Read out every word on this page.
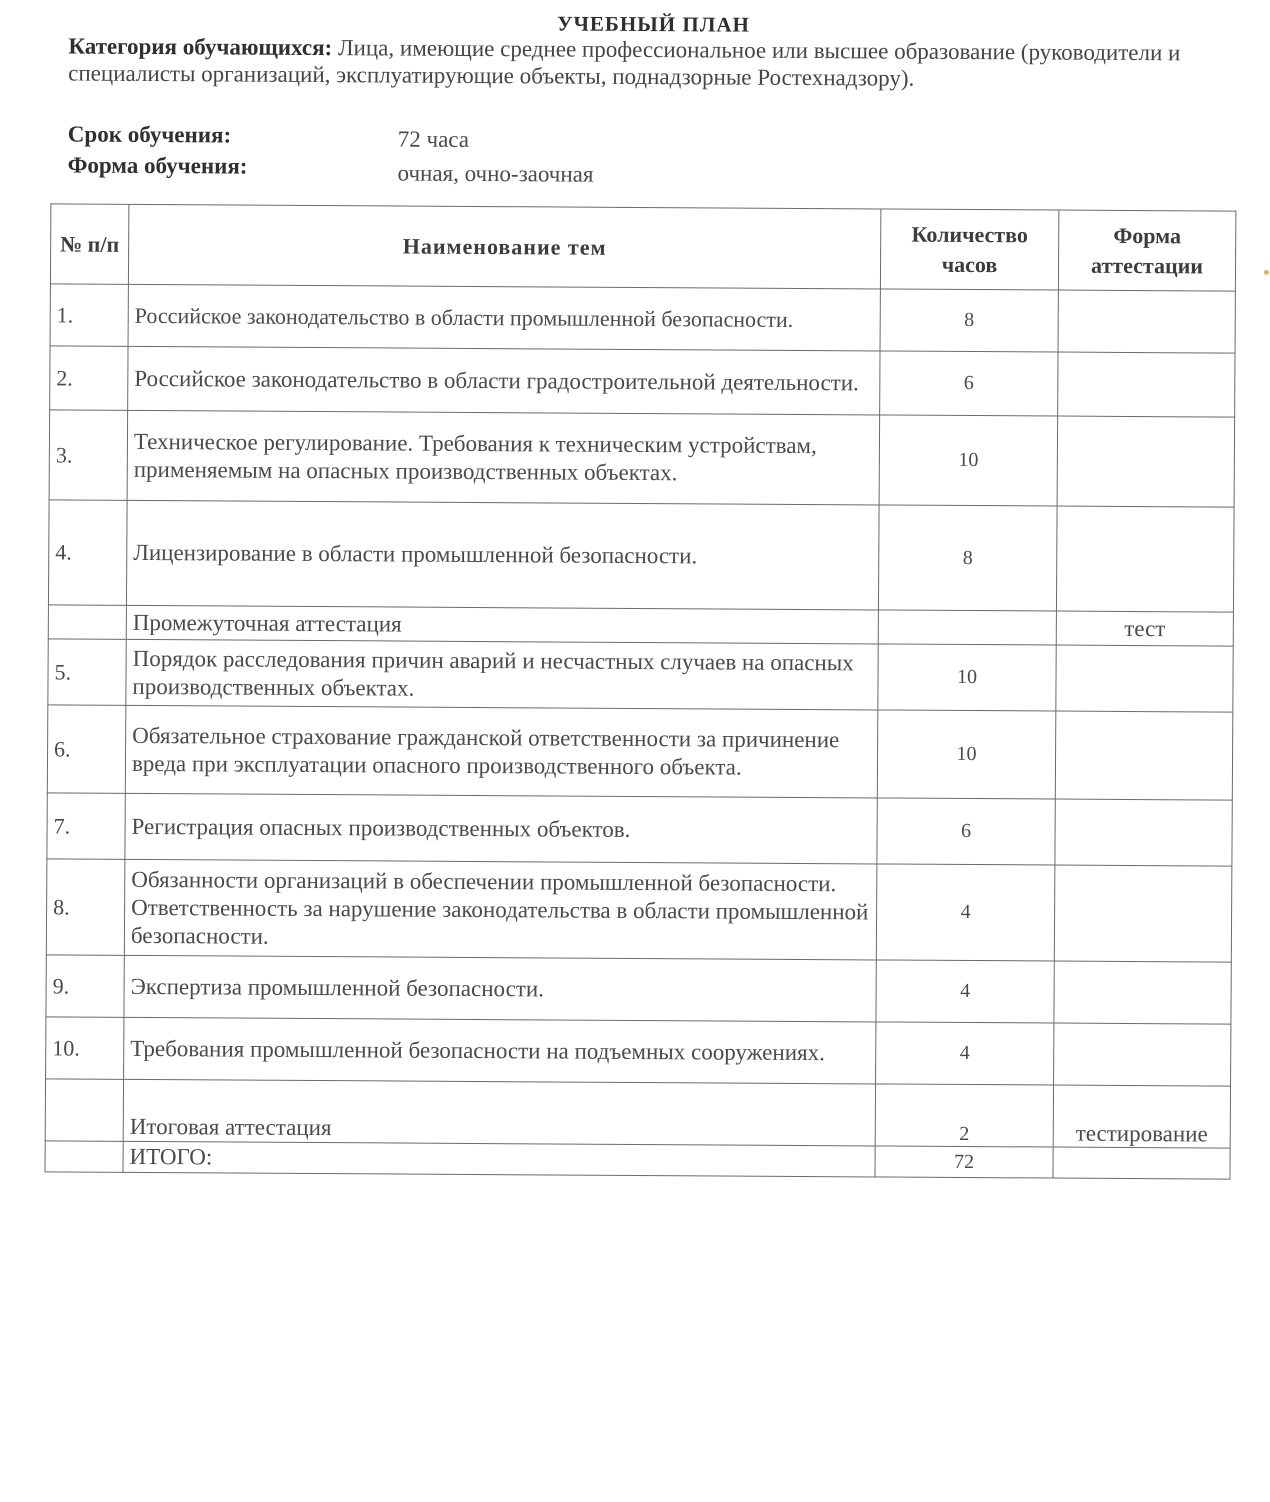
УЧЕБНЫЙ ПЛАН
Категория обучающихся: Лица, имеющие среднее профессиональное или высшее образование (руководители и специалисты организаций, эксплуатирующие объекты, поднадзорные Ростехнадзору).
Срок обучения:	72 часа
Форма обучения:	очная, очно-заочная
№ п/п	Наименование тем	Количество часов	Форма аттестации
1.	Российское законодательство в области промышленной безопасности.	8	
2.	Российское законодательство в области градостроительной деятельности.	6	
3.	Техническое регулирование. Требования к техническим устройствам, применяемым на опасных производственных объектах.	10	
4.	Лицензирование в области промышленной безопасности.	8	
	Промежуточная аттестация		тест
5.	Порядок расследования причин аварий и несчастных случаев на опасных производственных объектах.	10	
6.	Обязательное страхование гражданской ответственности за причинение вреда при эксплуатации опасного производственного объекта.	10	
7.	Регистрация опасных производственных объектов.	6	
8.	Обязанности организаций в обеспечении промышленной безопасности. Ответственность за нарушение законодательства в области промышленной безопасности.	4	
9.	Экспертиза промышленной безопасности.	4	
10.	Требования промышленной безопасности на подъемных сооружениях.	4	
	Итоговая аттестация	2	тестирование
	ИТОГО:	72	
